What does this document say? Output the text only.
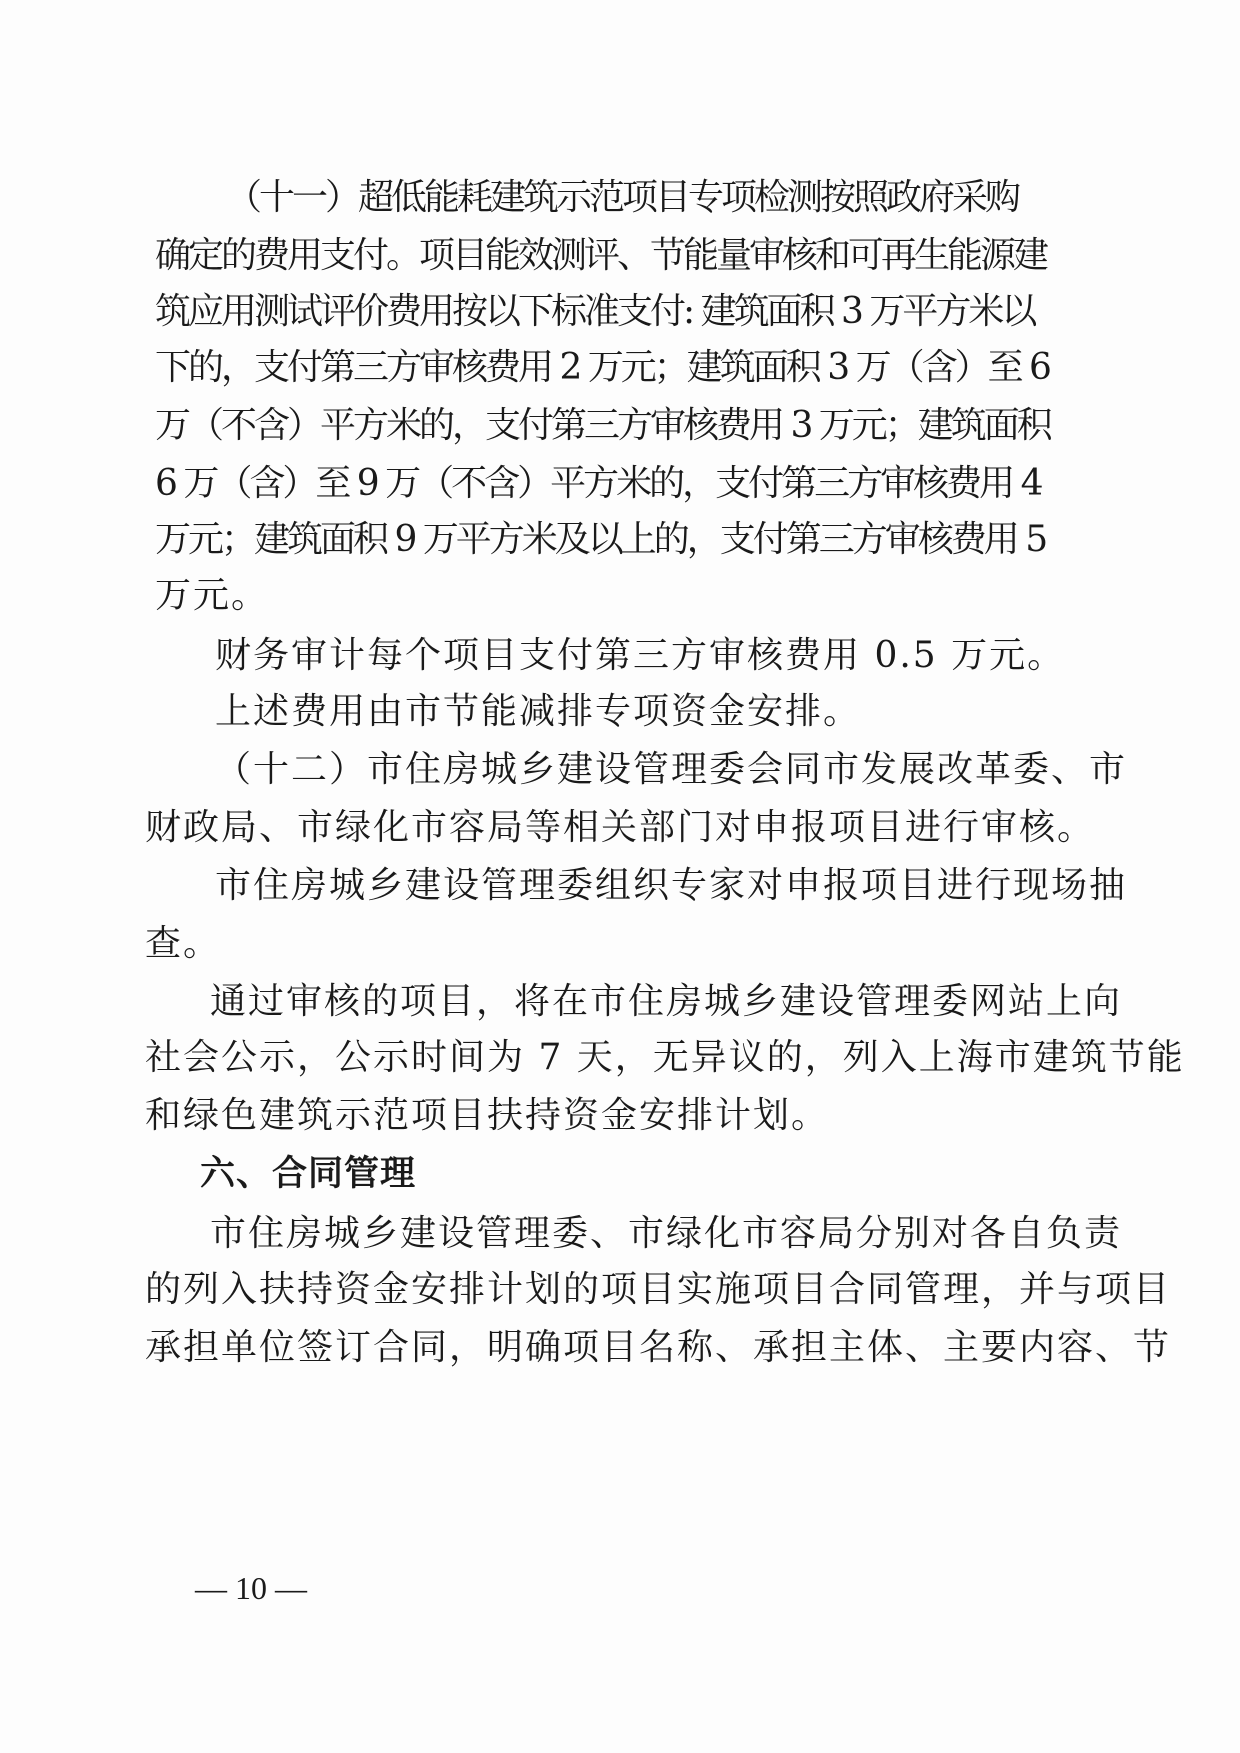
（十一）超低能耗建筑示范项目专项检测按照政府采购
确定的费用支付。项目能效测评、节能量审核和可再生能源建
筑应用测试评价费用按以下标准支付: 建筑面积 3 万平方米以
下的，支付第三方审核费用 2 万元；建筑面积 3 万（含）至 6
万（不含）平方米的，支付第三方审核费用 3 万元；建筑面积
6 万（含）至 9 万（不含）平方米的，支付第三方审核费用 4
万元；建筑面积 9 万平方米及以上的，支付第三方审核费用 5
万元。
财务审计每个项目支付第三方审核费用 0.5 万元。
上述费用由市节能减排专项资金安排。
（十二）市住房城乡建设管理委会同市发展改革委、市
财政局、市绿化市容局等相关部门对申报项目进行审核。
市住房城乡建设管理委组织专家对申报项目进行现场抽
查。
通过审核的项目，将在市住房城乡建设管理委网站上向
社会公示，公示时间为 7 天，无异议的，列入上海市建筑节能
和绿色建筑示范项目扶持资金安排计划。
六、合同管理
市住房城乡建设管理委、市绿化市容局分别对各自负责
的列入扶持资金安排计划的项目实施项目合同管理，并与项目
承担单位签订合同，明确项目名称、承担主体、主要内容、节
— 10 —
